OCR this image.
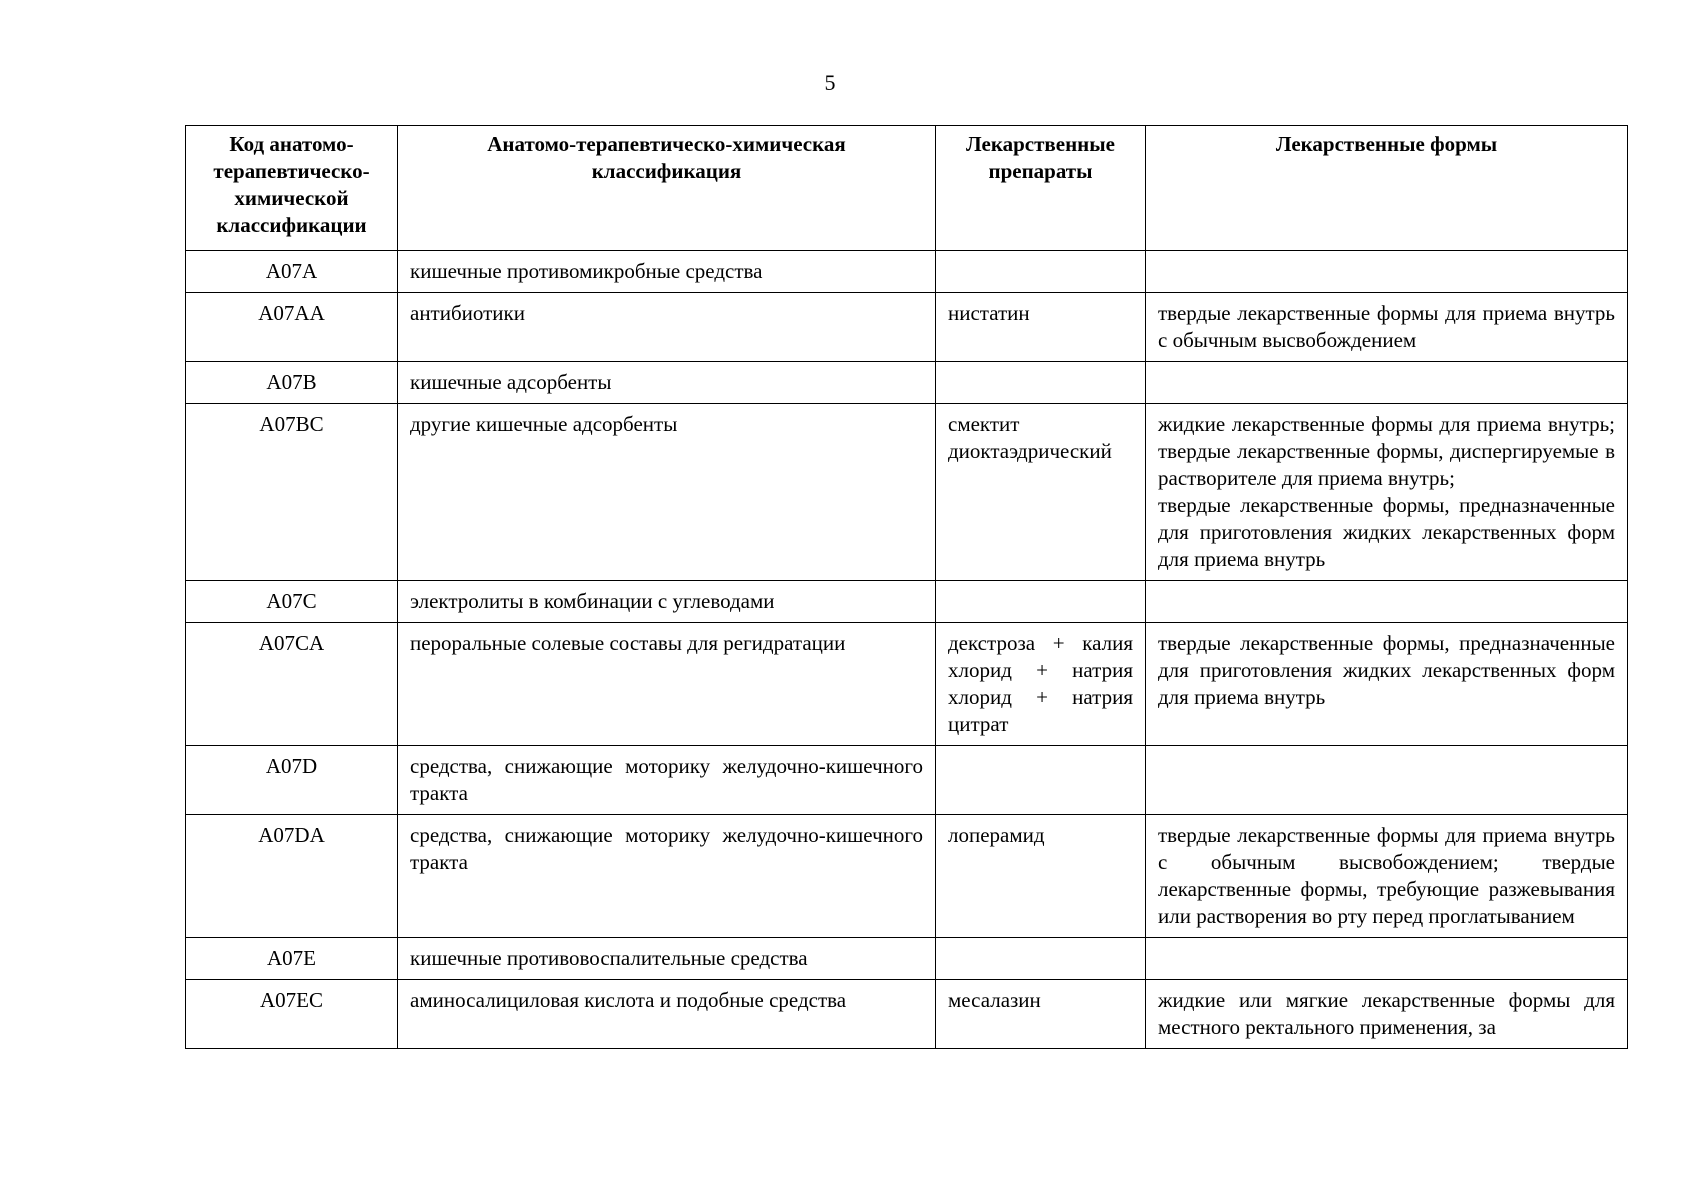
5
Код анатомо-терапевтическо-химической классификации	Анатомо-терапевтическо-химическая классификация	Лекарственные препараты	Лекарственные формы
A07A	кишечные противомикробные средства		
A07AA	антибиотики	нистатин	твердые лекарственные формы для приема внутрь с обычным высвобождением
A07B	кишечные адсорбенты		
A07BC	другие кишечные адсорбенты	смектит диоктаэдрический	жидкие лекарственные формы для приема внутрь; твердые лекарственные формы, диспергируемые в растворителе для приема внутрь;
твердые лекарственные формы, предназначенные для приготовления жидких лекарственных форм для приема внутрь
A07C	электролиты в комбинации с углеводами		
A07CA	пероральные солевые составы для регидратации	декстроза + калия хлорид + натрия хлорид + натрия цитрат	твердые лекарственные формы, предназначенные для приготовления жидких лекарственных форм для приема внутрь
A07D	средства, снижающие моторику желудочно-кишечного тракта		
A07DA	средства, снижающие моторику желудочно-кишечного тракта	лоперамид	твердые лекарственные формы для приема внутрь с обычным высвобождением; твердые лекарственные формы, требующие разжевывания или растворения во рту перед проглатыванием
A07E	кишечные противовоспалительные средства		
A07EC	аминосалициловая кислота и подобные средства	месалазин	жидкие или мягкие лекарственные формы для местного ректального применения, за
